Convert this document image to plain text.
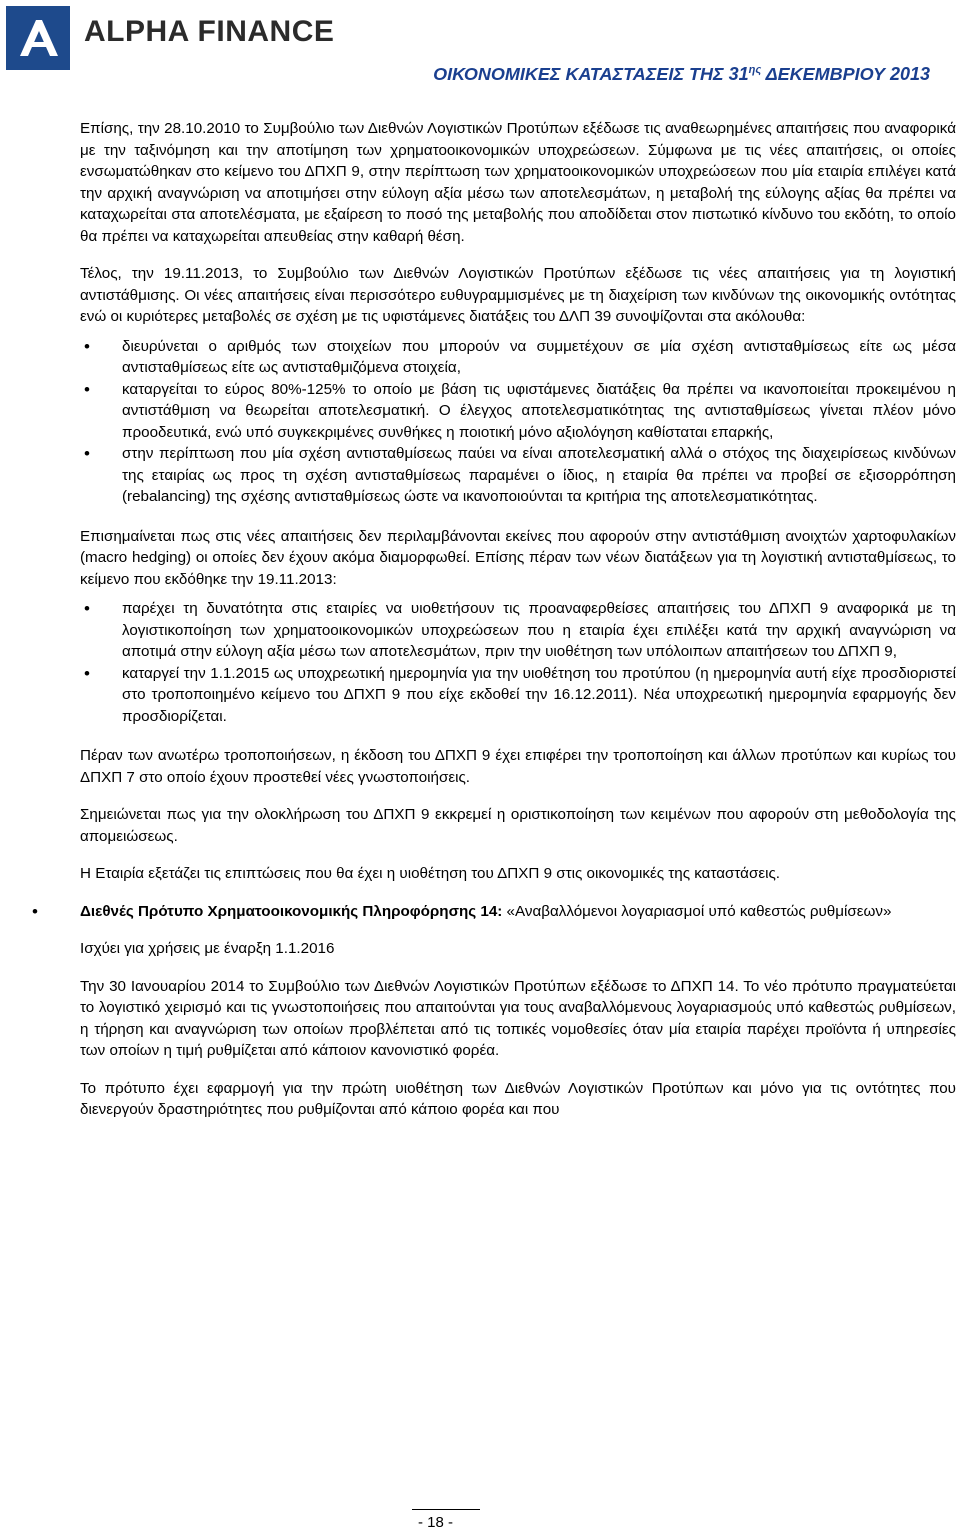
ALPHA FINANCE
ΟΙΚΟΝΟΜΙΚΕΣ ΚΑΤΑΣΤΑΣΕΙΣ ΤΗΣ $31^{\eta\varsigma}$ ΔΕΚΕΜΒΡΙΟΥ 2013

Επίσης, την 28.10.2010 το Συμβούλιο των Διεθνών Λογιστικών Προτύπων εξέδωσε τις αναθεωρημένες απαιτήσεις που αναφορικά με την ταξινόμηση και την αποτίμηση των χρηματοοικονομικών υποχρεώσεων. Σύμφωνα με τις νέες απαιτήσεις, οι οποίες ενσωματώθηκαν στο κείμενο του ΔΠΧΠ 9, στην περίπτωση των χρηματοοικονομικών υποχρεώσεων που μία εταιρία επιλέγει κατά την αρχική αναγνώριση να αποτιμήσει στην εύλογη αξία μέσω των αποτελεσμάτων, η μεταβολή της εύλογης αξίας θα πρέπει να καταχωρείται στα αποτελέσματα, με εξαίρεση το ποσό της μεταβολής που αποδίδεται στον πιστωτικό κίνδυνο του εκδότη, το οποίο θα πρέπει να καταχωρείται απευθείας στην καθαρή θέση.

Τέλος, την 19.11.2013, το Συμβούλιο των Διεθνών Λογιστικών Προτύπων εξέδωσε τις νέες απαιτήσεις για τη λογιστική αντιστάθμισης. Οι νέες απαιτήσεις είναι περισσότερο ευθυγραμμισμένες με τη διαχείριση των κινδύνων της οικονομικής οντότητας ενώ οι κυριότερες μεταβολές σε σχέση με τις υφιστάμενες διατάξεις του ΔΛΠ 39 συνοψίζονται στα ακόλουθα:

• διευρύνεται ο αριθμός των στοιχείων που μπορούν να συμμετέχουν σε μία σχέση αντισταθμίσεως είτε ως μέσα αντισταθμίσεως είτε ως αντισταθμιζόμενα στοιχεία,
• καταργείται το εύρος 80%-125% το οποίο με βάση τις υφιστάμενες διατάξεις θα πρέπει να ικανοποιείται προκειμένου η αντιστάθμιση να θεωρείται αποτελεσματική. Ο έλεγχος αποτελεσματικότητας της αντισταθμίσεως γίνεται πλέον μόνο προοδευτικά, ενώ υπό συγκεκριμένες συνθήκες η ποιοτική μόνο αξιολόγηση καθίσταται επαρκής,
• στην περίπτωση που μία σχέση αντισταθμίσεως παύει να είναι αποτελεσματική αλλά ο στόχος της διαχειρίσεως κινδύνων της εταιρίας ως προς τη σχέση αντισταθμίσεως παραμένει ο ίδιος, η εταιρία θα πρέπει να προβεί σε εξισορρόπηση (rebalancing) της σχέσης αντισταθμίσεως ώστε να ικανοποιούνται τα κριτήρια της αποτελεσματικότητας.

Επισημαίνεται πως στις νέες απαιτήσεις δεν περιλαμβάνονται εκείνες που αφορούν στην αντιστάθμιση ανοιχτών χαρτοφυλακίων (macro hedging) οι οποίες δεν έχουν ακόμα διαμορφωθεί. Επίσης πέραν των νέων διατάξεων για τη λογιστική αντισταθμίσεως, το κείμενο που εκδόθηκε την 19.11.2013:

• παρέχει τη δυνατότητα στις εταιρίες να υιοθετήσουν τις προαναφερθείσες απαιτήσεις του ΔΠΧΠ 9 αναφορικά με τη λογιστικοποίηση των χρηματοοικονομικών υποχρεώσεων που η εταιρία έχει επιλέξει κατά την αρχική αναγνώριση να αποτιμά στην εύλογη αξία μέσω των αποτελεσμάτων, πριν την υιοθέτηση των υπόλοιπων απαιτήσεων του ΔΠΧΠ 9,
• καταργεί την 1.1.2015 ως υποχρεωτική ημερομηνία για την υιοθέτηση του προτύπου (η ημερομηνία αυτή είχε προσδιοριστεί στο τροποποιημένο κείμενο του ΔΠΧΠ 9 που είχε εκδοθεί την 16.12.2011). Νέα υποχρεωτική ημερομηνία εφαρμογής δεν προσδιορίζεται.

Πέραν των ανωτέρω τροποποιήσεων, η έκδοση του ΔΠΧΠ 9 έχει επιφέρει την τροποποίηση και άλλων προτύπων και κυρίως του ΔΠΧΠ 7 στο οποίο έχουν προστεθεί νέες γνωστοποιήσεις.

Σημειώνεται πως για την ολοκλήρωση του ΔΠΧΠ 9 εκκρεμεί η οριστικοποίηση των κειμένων που αφορούν στη μεθοδολογία της απομειώσεως.

Η Εταιρία εξετάζει τις επιπτώσεις που θα έχει η υιοθέτηση του ΔΠΧΠ 9 στις οικονομικές της καταστάσεις.

• Διεθνές Πρότυπο Χρηματοοικονομικής Πληροφόρησης 14: «Αναβαλλόμενοι λογαριασμοί υπό καθεστώς ρυθμίσεων»

Ισχύει για χρήσεις με έναρξη 1.1.2016

Την 30 Ιανουαρίου 2014 το Συμβούλιο των Διεθνών Λογιστικών Προτύπων εξέδωσε το ΔΠΧΠ 14. Το νέο πρότυπο πραγματεύεται το λογιστικό χειρισμό και τις γνωστοποιήσεις που απαιτούνται για τους αναβαλλόμενους λογαριασμούς υπό καθεστώς ρυθμίσεων, η τήρηση και αναγνώριση των οποίων προβλέπεται από τις τοπικές νομοθεσίες όταν μία εταιρία παρέχει προϊόντα ή υπηρεσίες των οποίων η τιμή ρυθμίζεται από κάποιον κανονιστικό φορέα.

Το πρότυπο έχει εφαρμογή για την πρώτη υιοθέτηση των Διεθνών Λογιστικών Προτύπων και μόνο για τις οντότητες που διενεργούν δραστηριότητες που ρυθμίζονται από κάποιο φορέα και που

- 18 -
